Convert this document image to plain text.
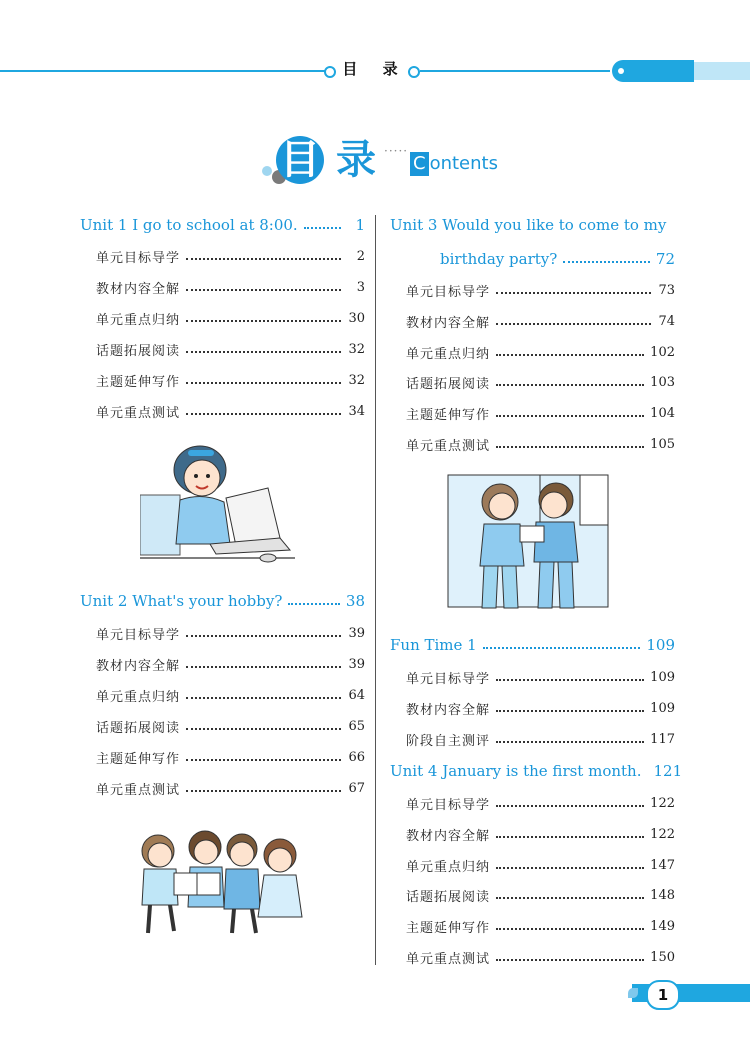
目 录
目 录 ·····
C ontents
Unit 1 I go to school at 8:00.	1
单元目标导学	2
教材内容全解	3
单元重点归纳	30
话题拓展阅读	32
主题延伸写作	32
单元重点测试	34
Unit 2 What's your hobby?	38
单元目标导学	39
教材内容全解	39
单元重点归纳	64
话题拓展阅读	65
主题延伸写作	66
单元重点测试	67
Unit 3 Would you like to come to my
birthday party?	72
单元目标导学	73
教材内容全解	74
单元重点归纳	102
话题拓展阅读	103
主题延伸写作	104
单元重点测试	105
Fun Time 1	109
单元目标导学	109
教材内容全解	109
阶段自主测评	117
Unit 4 January is the first month. 121
单元目标导学	122
教材内容全解	122
单元重点归纳	147
话题拓展阅读	148
主题延伸写作	149
单元重点测试	150
1
